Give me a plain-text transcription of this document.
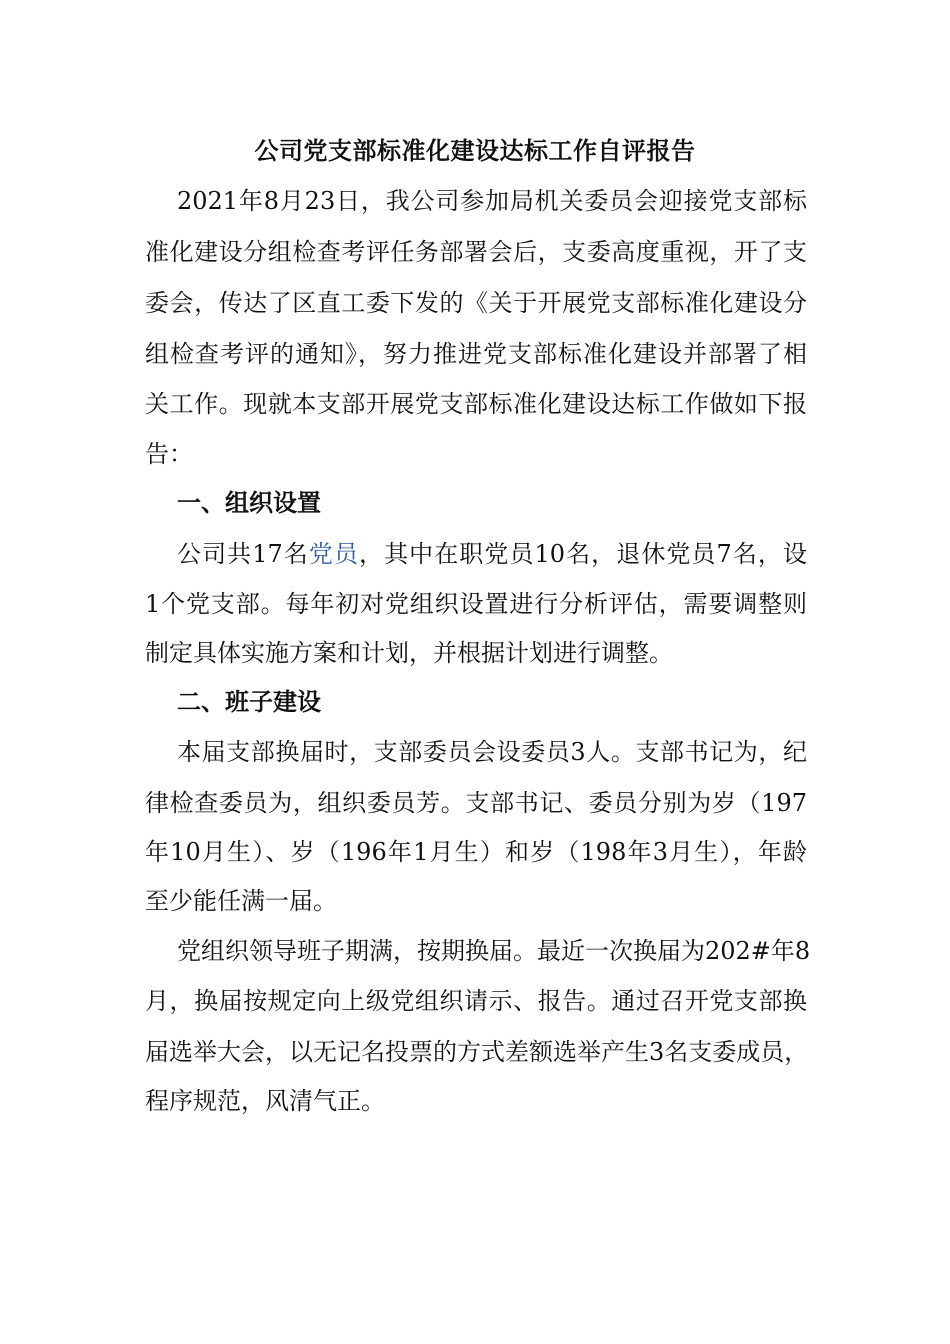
公司党支部标准化建设达标工作自评报告
2021年8月23日，我公司参加局机关委员会迎接党支部标
准化建设分组检查考评任务部署会后，支委高度重视，开了支
委会，传达了区直工委下发的《关于开展党支部标准化建设分
组检查考评的通知》，努力推进党支部标准化建设并部署了相
关工作。现就本支部开展党支部标准化建设达标工作做如下报
告：
一、组织设置
公司共17名党员，其中在职党员10名，退休党员7名，设
1个党支部。每年初对党组织设置进行分析评估，需要调整则
制定具体实施方案和计划，并根据计划进行调整。
二、班子建设
本届支部换届时，支部委员会设委员3人。支部书记为，纪
律检查委员为，组织委员芳。支部书记、委员分别为岁（197
年10月生）、岁（196年1月生）和岁（198年3月生），年龄
至少能任满一届。
党组织领导班子期满，按期换届。最近一次换届为202#年8
月，换届按规定向上级党组织请示、报告。通过召开党支部换
届选举大会，以无记名投票的方式差额选举产生3名支委成员，
程序规范，风清气正。
